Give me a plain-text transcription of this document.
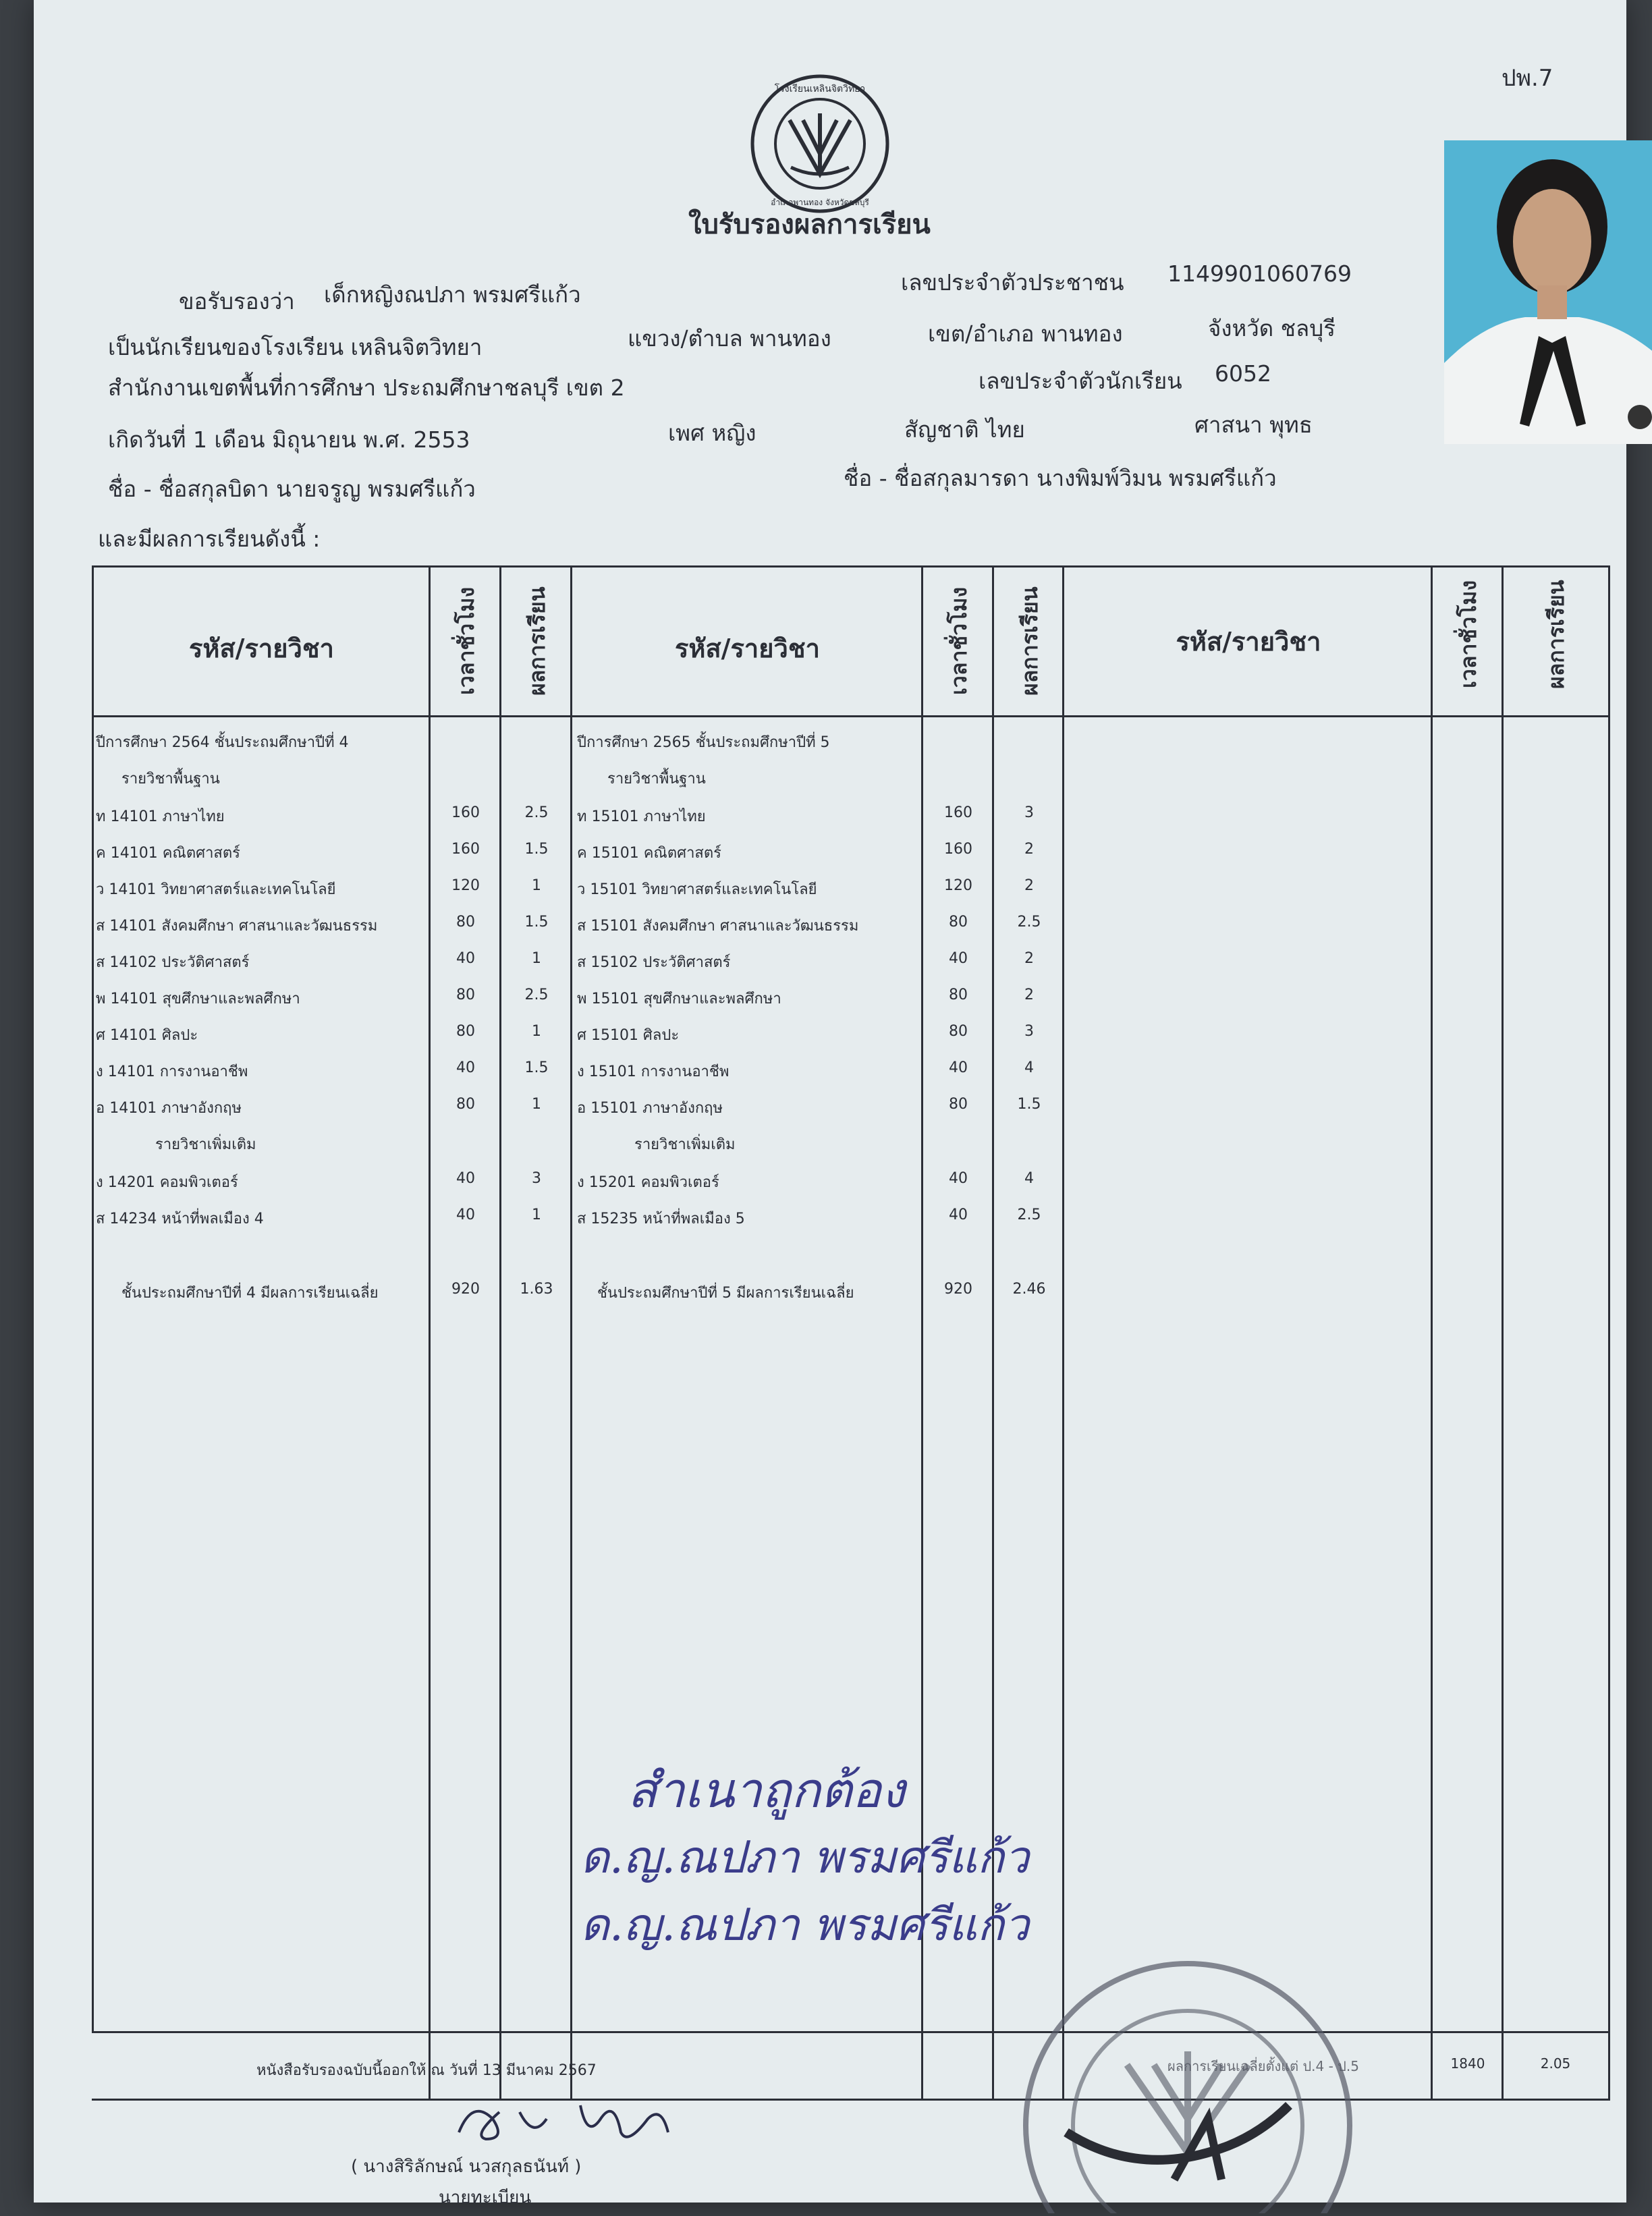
ปพ.7
โรงเรียนเหลินจิตวิทยา
อำเภอพานทอง จังหวัดชลบุรี
ใบรับรองผลการเรียน
ขอรับรองว่า เด็กหญิงณปภา พรมศรีแก้ว	เลขประจำตัวประชาชน 1149901060769
เป็นนักเรียนของโรงเรียน เหลินจิตวิทยา	แขวง/ตำบล พานทอง	เขต/อำเภอ พานทอง	จังหวัด ชลบุรี
สำนักงานเขตพื้นที่การศึกษา ประถมศึกษาชลบุรี เขต 2	เลขประจำตัวนักเรียน 6052
เกิดวันที่ 1 เดือน มิถุนายน พ.ศ. 2553	เพศ หญิง	สัญชาติ ไทย	ศาสนา พุทธ
ชื่อ - ชื่อสกุลบิดา นายจรูญ พรมศรีแก้ว	ชื่อ - ชื่อสกุลมารดา นางพิมพ์วิมน พรมศรีแก้ว
และมีผลการเรียนดังนี้ :
รหัส/รายวิชา	เวลาชั่วโมง ผลการเรียน	รหัส/รายวิชา	เวลาชั่วโมง ผลการเรียน	รหัส/รายวิชา	เวลาชั่วโมง	ผลการเรียน
ปีการศึกษา 2564 ชั้นประถมศึกษาปีที่ 4
รายวิชาพื้นฐาน
ท 14101 ภาษาไทย	160	2.5
ค 14101 คณิตศาสตร์	160	1.5
ว 14101 วิทยาศาสตร์และเทคโนโลยี	120	1
ส 14101 สังคมศึกษา ศาสนาและวัฒนธรรม	80	1.5
ส 14102 ประวัติศาสตร์	40	1
พ 14101 สุขศึกษาและพลศึกษา	80	2.5
ศ 14101 ศิลปะ	80	1
ง 14101 การงานอาชีพ	40	1.5
อ 14101 ภาษาอังกฤษ	80	1
รายวิชาเพิ่มเติม
ง 14201 คอมพิวเตอร์	40	3
ส 14234 หน้าที่พลเมือง 4	40	1
ชั้นประถมศึกษาปีที่ 4 มีผลการเรียนเฉลี่ย	920	1.63
ปีการศึกษา 2565 ชั้นประถมศึกษาปีที่ 5
รายวิชาพื้นฐาน
ท 15101 ภาษาไทย	160	3
ค 15101 คณิตศาสตร์	160	2
ว 15101 วิทยาศาสตร์และเทคโนโลยี	120	2
ส 15101 สังคมศึกษา ศาสนาและวัฒนธรรม	80	2.5
ส 15102 ประวัติศาสตร์	40	2
พ 15101 สุขศึกษาและพลศึกษา	80	2
ศ 15101 ศิลปะ	80	3
ง 15101 การงานอาชีพ	40	4
อ 15101 ภาษาอังกฤษ	80	1.5
รายวิชาเพิ่มเติม
ง 15201 คอมพิวเตอร์	40	4
ส 15235 หน้าที่พลเมือง 5	40	2.5
ชั้นประถมศึกษาปีที่ 5 มีผลการเรียนเฉลี่ย	920	2.46
ผลการเรียนเฉลี่ยตั้งแต่ ป.4 - ป.5	1840	2.05
สำเนาถูกต้อง
ด.ญ.ณปภา พรมศรีแก้ว
ด.ญ.ณปภา พรมศรีแก้ว
หนังสือรับรองฉบับนี้ออกให้ ณ วันที่ 13 มีนาคม 2567
( นางสิริลักษณ์ นวสกุลธนันท์ )
นายทะเบียน
